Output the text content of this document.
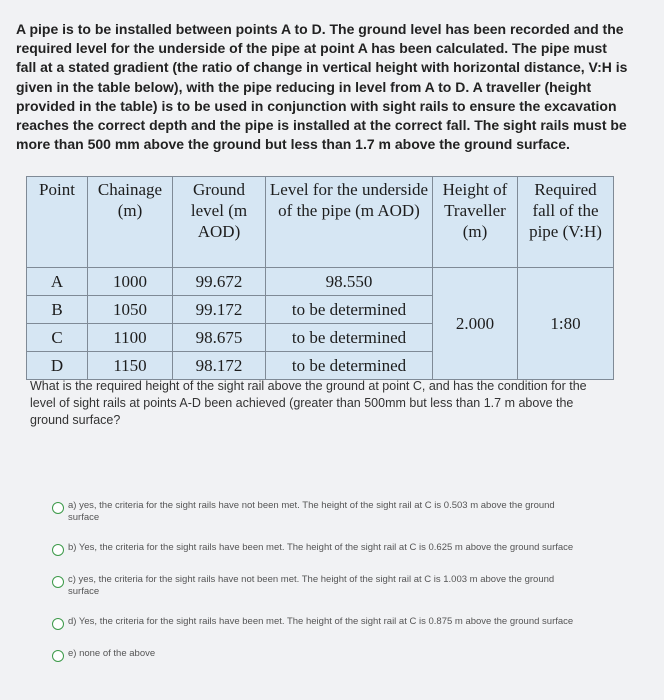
A pipe is to be installed between points A to D. The ground level has been recorded and the required level for the underside of the pipe at point A has been calculated. The pipe must fall at a stated gradient (the ratio of change in vertical height with horizontal distance, V:H is given in the table below), with the pipe reducing in level from A to D. A traveller (height provided in the table) is to be used in conjunction with sight rails to ensure the excavation reaches the correct depth and the pipe is installed at the correct fall. The sight rails must be more than 500 mm above the ground but less than 1.7 m above the ground surface.
Point	Chainage (m)	Ground level (m AOD)	Level for the underside of the pipe (m AOD)	Height of Traveller (m)	Required fall of the pipe (V:H)
A	1000	99.672	98.550	2.000	1:80
B	1050	99.172	to be determined		
C	1100	98.675	to be determined		
D	1150	98.172	to be determined		
What is the required height of the sight rail above the ground at point C, and has the condition for the level of sight rails at points A-D been achieved (greater than 500mm but less than 1.7 m above the ground surface?
a) yes, the criteria for the sight rails have not been met. The height of the sight rail at C is 0.503 m above the ground surface
b) Yes, the criteria for the sight rails have been met. The height of the sight rail at C is 0.625 m above the ground surface
c) yes, the criteria for the sight rails have not been met. The height of the sight rail at C is 1.003 m above the ground surface
d) Yes, the criteria for the sight rails have been met. The height of the sight rail at C is 0.875 m above the ground surface
e) none of the above
